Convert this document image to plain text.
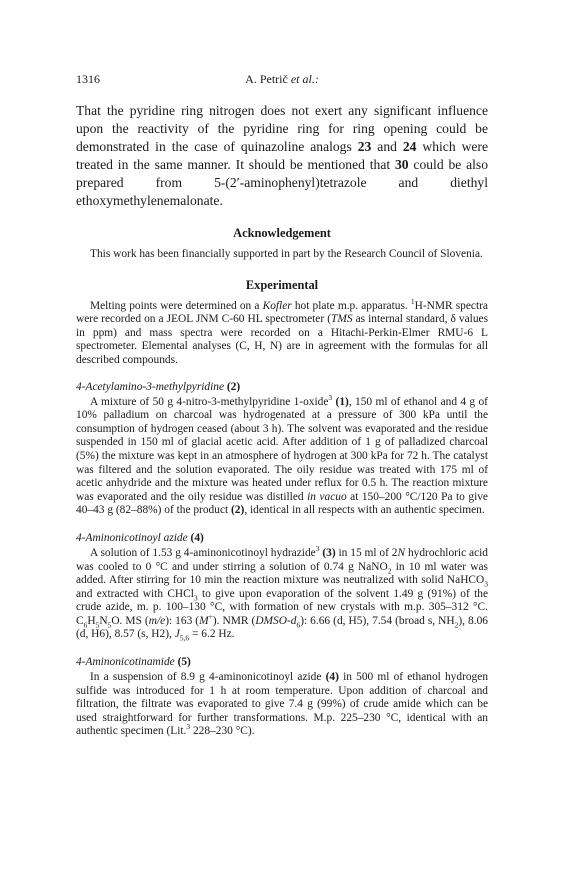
1316	A. Petrič et al.:

That the pyridine ring nitrogen does not exert any significant influence upon the reactivity of the pyridine ring for ring opening could be demonstrated in the case of quinazoline analogs 23 and 24 which were treated in the same manner. It should be mentioned that 30 could be also prepared from 5-(2′-aminophenyl)tetrazole and diethyl ethoxymethylenemalonate.

Acknowledgement

This work has been financially supported in part by the Research Council of Slovenia.

Experimental

Melting points were determined on a Kofler hot plate m.p. apparatus. $^1$H-NMR spectra were recorded on a JEOL JNM C-60 HL spectrometer (TMS as internal standard, δ values in ppm) and mass spectra were recorded on a Hitachi-Perkin-Elmer RMU-6 L spectrometer. Elemental analyses (C, H, N) are in agreement with the formulas for all described compounds.

4-Acetylamino-3-methylpyridine (2)

A mixture of 50 g 4-nitro-3-methylpyridine 1-oxide$^3$ (1), 150 ml of ethanol and 4 g of 10% palladium on charcoal was hydrogenated at a pressure of 300 kPa until the consumption of hydrogen ceased (about 3 h). The solvent was evaporated and the residue suspended in 150 ml of glacial acetic acid. After addition of 1 g of palladized charcoal (5%) the mixture was kept in an atmosphere of hydrogen at 300 kPa for 72 h. The catalyst was filtered and the solution evaporated. The oily residue was treated with 175 ml of acetic anhydride and the mixture was heated under reflux for 0.5 h. The reaction mixture was evaporated and the oily residue was distilled in vacuo at 150–200 °C/120 Pa to give 40–43 g (82–88%) of the product (2), identical in all respects with an authentic specimen.

4-Aminonicotinoyl azide (4)

A solution of 1.53 g 4-aminonicotinoyl hydrazide$^3$ (3) in 15 ml of 2N hydrochloric acid was cooled to 0 °C and under stirring a solution of 0.74 g NaNO$_2$ in 10 ml water was added. After stirring for 10 min the reaction mixture was neutralized with solid NaHCO$_3$ and extracted with CHCl$_3$ to give upon evaporation of the solvent 1.49 g (91%) of the crude azide, m. p. 100–130 °C, with formation of new crystals with m.p. 305–312 °C. $C_6H_5N_5O$. MS (m/e): 163 (M+). NMR $(DMSO-d_6)$: 6.66 (d, H5), 7.54 (broad s, $NH_2$), 8.06 (d, H6), 8.57 (s, H2), $J_{5,6} = 6.2$ Hz.

4-Aminonicotinamide (5)

In a suspension of 8.9 g 4-aminonicotinoyl azide (4) in 500 ml of ethanol hydrogen sulfide was introduced for 1 h at room temperature. Upon addition of charcoal and filtration, the filtrate was evaporated to give 7.4 g (99%) of crude amide which can be used straightforward for further transformations. M.p. 225–230 °C, identical with an authentic specimen (Lit.$^3$ 228–230 °C).
